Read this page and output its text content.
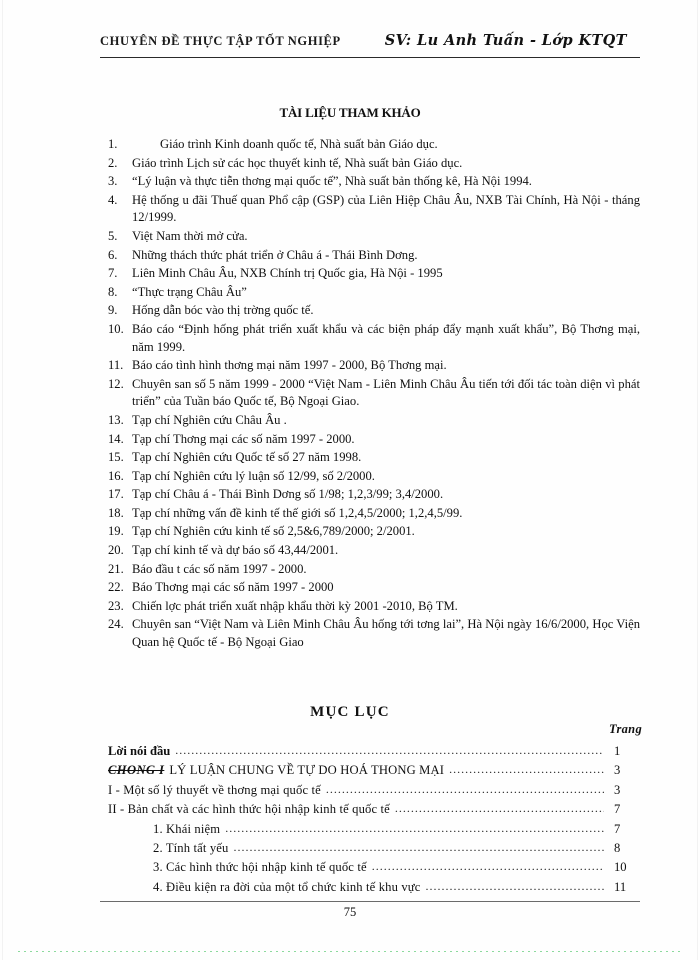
CHUYÊN ĐỀ THỰC TẬP TỐT NGHIỆP	SV: Lu Anh Tuấn - Lớp KTQT
TÀI LIỆU THAM KHẢO
1.	Giáo trình Kinh doanh quốc tế, Nhà suất bản Giáo dục.
2.	Giáo trình Lịch sử các học thuyết kinh tế, Nhà suất bản Giáo dục.
3.	“Lý luận và thực tiễn thơng mại quốc tế”, Nhà suất bản thống kê, Hà Nội 1994.
4.	Hệ thống u đãi Thuế quan Phổ cập (GSP) của Liên Hiệp Châu Âu, NXB Tài Chính, Hà Nội - tháng 12/1999.
5.	Việt Nam thời mở cửa.
6.	Những thách thức phát triển ở Châu á - Thái Bình Dơng.
7.	Liên Minh Châu Âu, NXB Chính trị Quốc gia, Hà Nội - 1995
8.	“Thực trạng Châu Âu”
9.	Hống dẫn bóc vào thị trờng quốc tế.
10. Báo cáo “Định hống phát triển xuất khẩu và các biện pháp đẩy mạnh xuất khẩu”, Bộ Thơng mại, năm 1999.
11. Báo cáo tình hình thơng mại năm 1997 - 2000, Bộ Thơng mại.
12. Chuyên san số 5 năm 1999 - 2000 “Việt Nam - Liên Minh Châu Âu tiến tới đối tác toàn diện vì phát triển” của Tuần báo Quốc tế, Bộ Ngoại Giao.
13. Tạp chí Nghiên cứu Châu Âu .
14. Tạp chí Thơng mại các số năm 1997 - 2000.
15. Tạp chí Nghiên cứu Quốc tế số 27 năm 1998.
16. Tạp chí Nghiên cứu lý luận số 12/99, số 2/2000.
17. Tạp chí Châu á - Thái Bình Dơng số 1/98; 1,2,3/99; 3,4/2000.
18. Tạp chí những vấn đề kinh tế thế giới số 1,2,4,5/2000; 1,2,4,5/99.
19. Tạp chí Nghiên cứu kinh tế số 2,5&6,789/2000; 2/2001.
20. Tạp chí kinh tế và dự báo số 43,44/2001.
21. Báo đầu t các số năm 1997 - 2000.
22. Báo Thơng mại các số năm 1997 - 2000
23. Chiến lợc phát triển xuất nhập khẩu thời kỳ 2001 -2010, Bộ TM.
24. Chuyên san “Việt Nam và Liên Minh Châu Âu hống tới tơng lai”, Hà Nội ngày 16/6/2000, Học Viện Quan hệ Quốc tế - Bộ Ngoại Giao
MỤC LỤC
Trang
Lời nói đầu .....	1
CHONG I LÝ LUẬN CHUNG VỀ TỰ DO HOÁ THONG MẠI .....	3
I - Một số lý thuyết về thơng mại quốc tế .....	3
II - Bản chất và các hình thức hội nhập kinh tế quốc tế .....	7
1. Khái niệm .....	7
2. Tính tất yếu .....	8
3. Các hình thức hội nhập kinh tế quốc tế .....	10
4. Điều kiện ra đời của một tổ chức kinh tế khu vực .....	11
75
